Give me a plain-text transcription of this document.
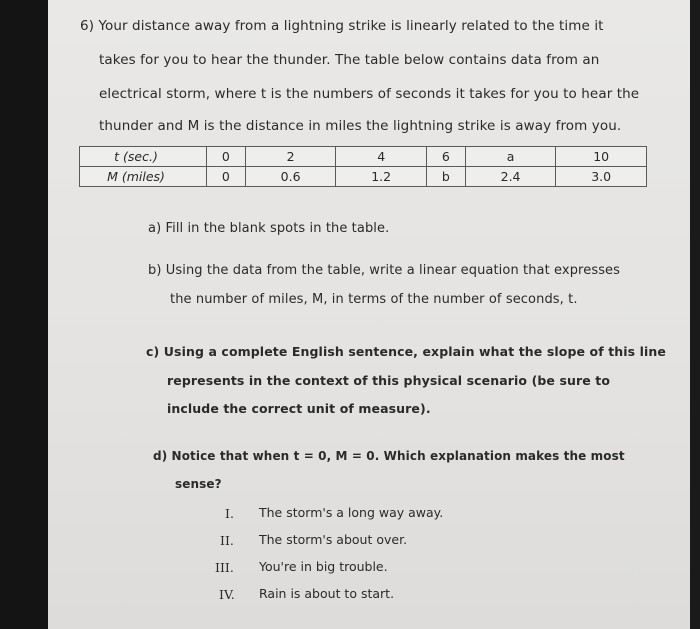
6) Your distance away from a lightning strike is linearly related to the time it
takes for you to hear the thunder. The table below contains data from an
electrical storm, where t is the numbers of seconds it takes for you to hear the
thunder and M is the distance in miles the lightning strike is away from you.
t (sec.)	0	2	4	6	a	10
M (miles)	0	0.6	1.2	b	2.4	3.0
a) Fill in the blank spots in the table.
b) Using the data from the table, write a linear equation that expresses
the number of miles, M, in terms of the number of seconds, t.
c) Using a complete English sentence, explain what the slope of this line
represents in the context of this physical scenario (be sure to
include the correct unit of measure).
d) Notice that when t = 0, M = 0. Which explanation makes the most
sense?
I. The storm's a long way away.
II. The storm's about over.
III. You're in big trouble.
IV. Rain is about to start.
